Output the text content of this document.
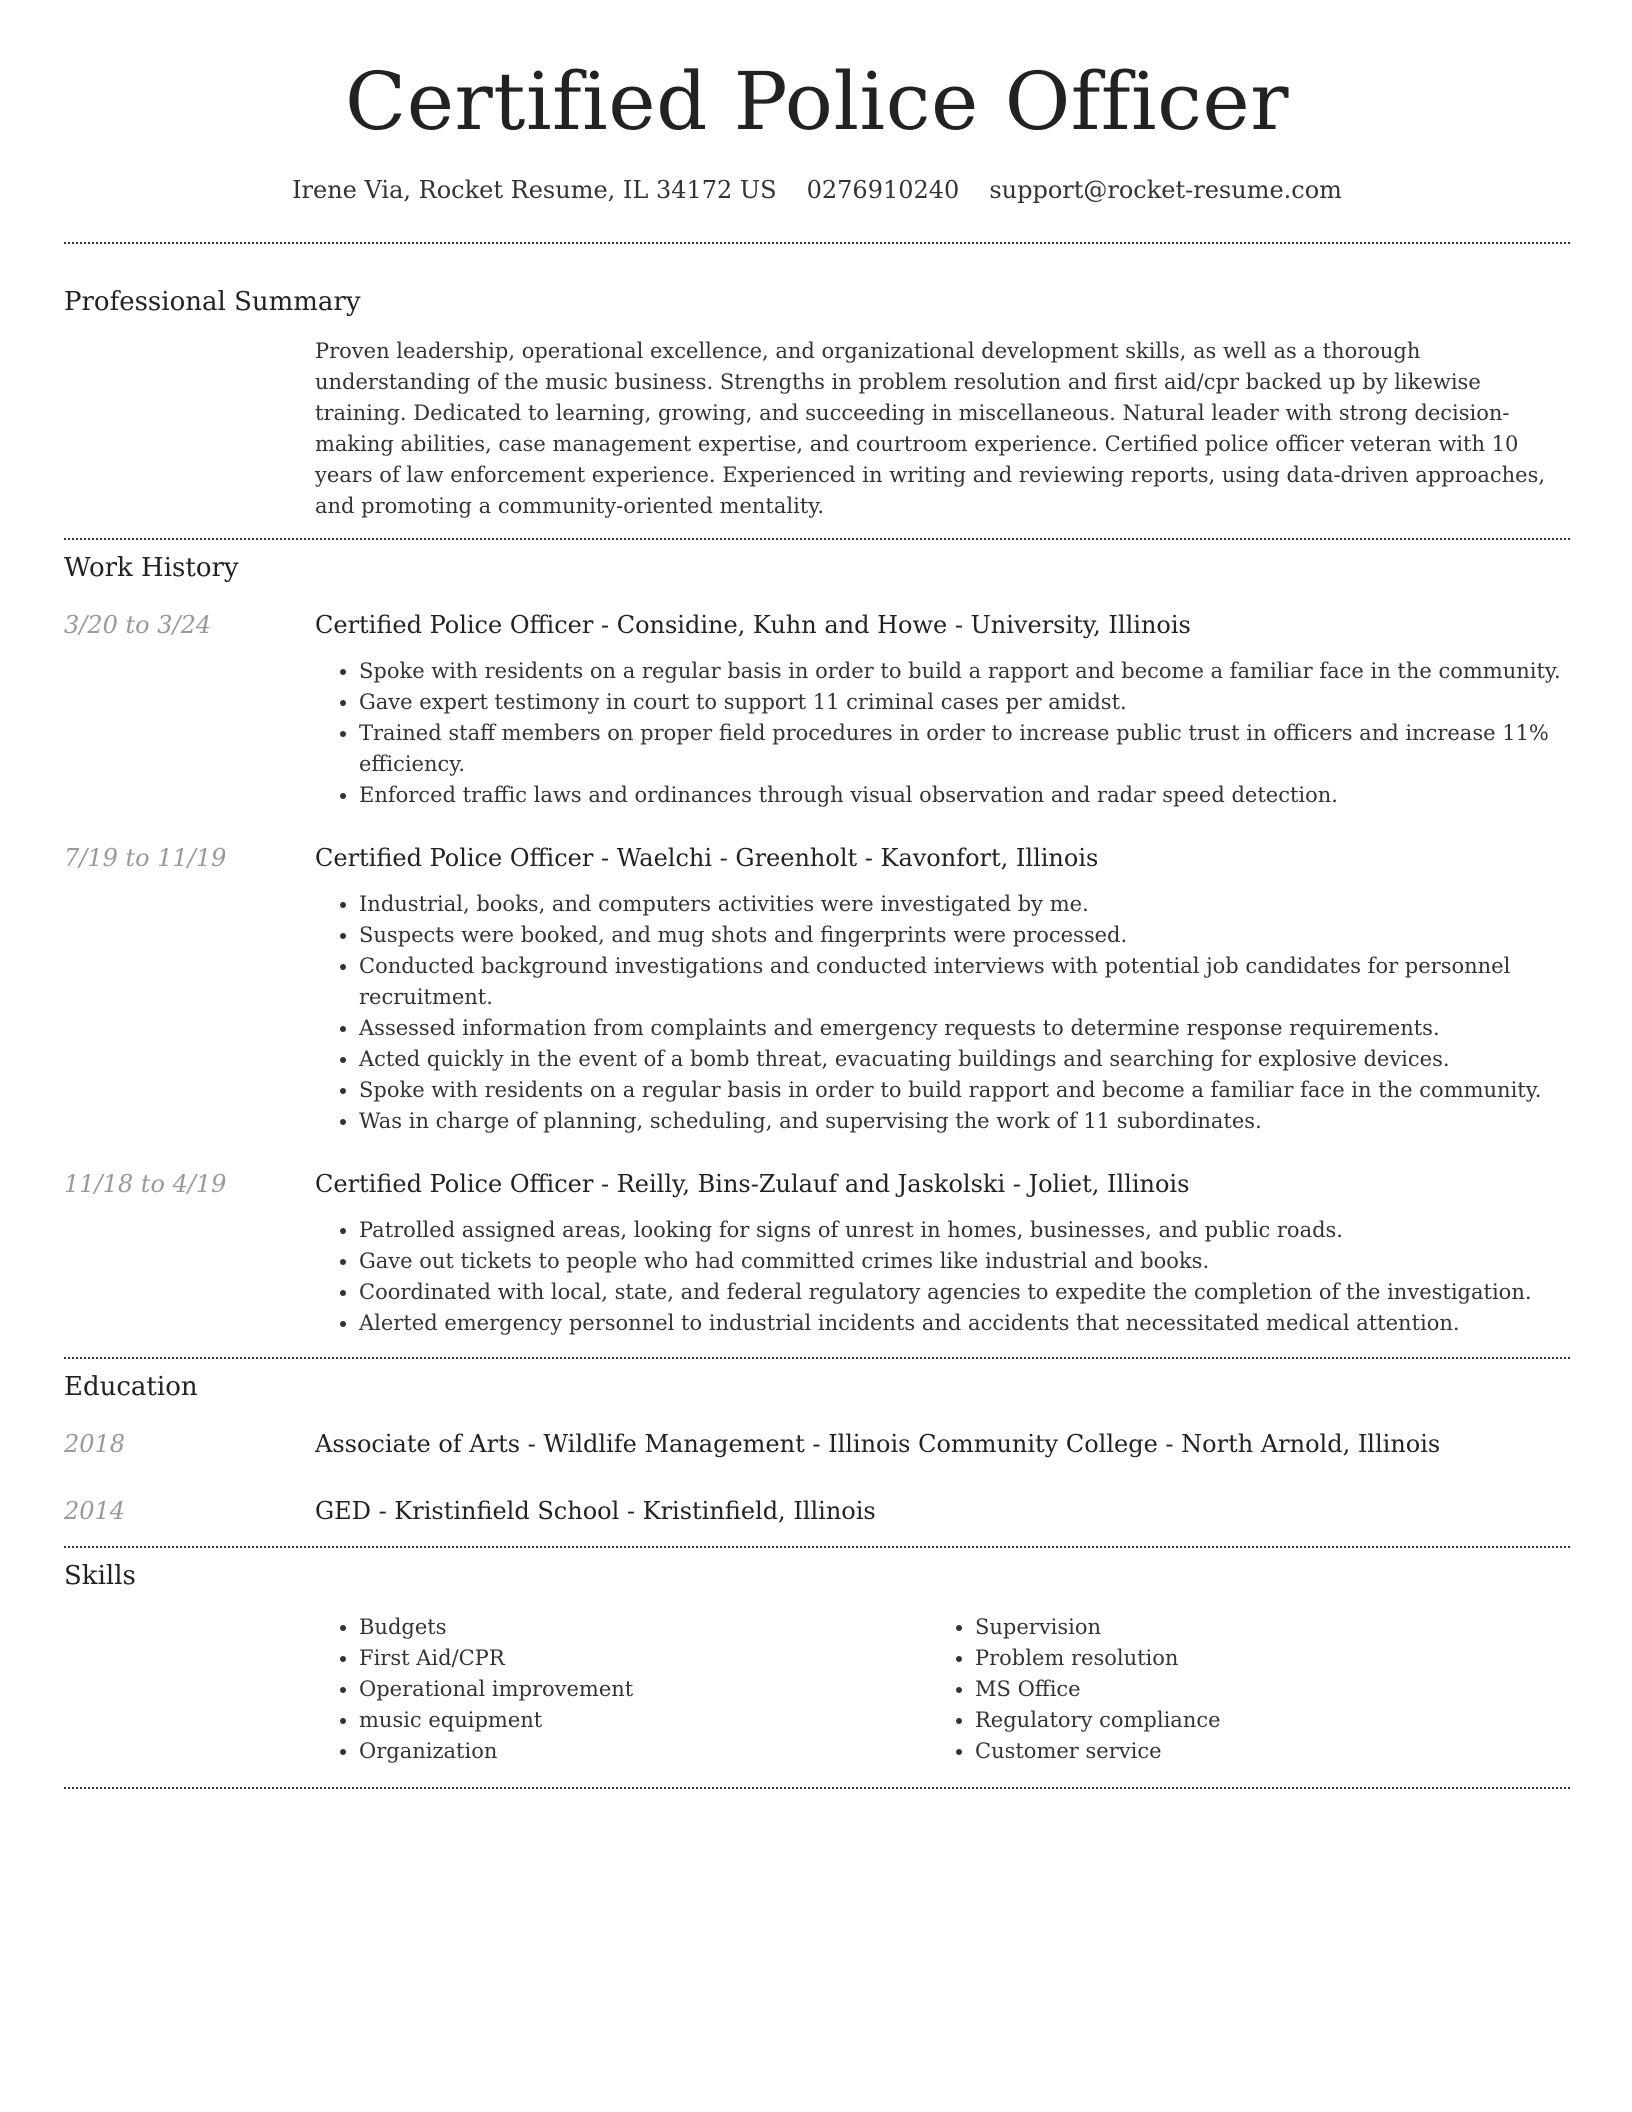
Certified Police Officer
Irene Via, Rocket Resume, IL 34172 US 0276910240 support@rocket-resume.com
Professional Summary
Proven leadership, operational excellence, and organizational development skills, as well as a thorough understanding of the music business. Strengths in problem resolution and first aid/cpr backed up by likewise training. Dedicated to learning, growing, and succeeding in miscellaneous. Natural leader with strong decision-making abilities, case management expertise, and courtroom experience. Certified police officer veteran with 10 years of law enforcement experience. Experienced in writing and reviewing reports, using data-driven approaches, and promoting a community-oriented mentality.
Work History
3/20 to 3/24	Certified Police Officer - Considine, Kuhn and Howe - University, Illinois
• Spoke with residents on a regular basis in order to build a rapport and become a familiar face in the community.
• Gave expert testimony in court to support 11 criminal cases per amidst.
• Trained staff members on proper field procedures in order to increase public trust in officers and increase 11% efficiency.
• Enforced traffic laws and ordinances through visual observation and radar speed detection.
7/19 to 11/19	Certified Police Officer - Waelchi - Greenholt - Kavonfort, Illinois
• Industrial, books, and computers activities were investigated by me.
• Suspects were booked, and mug shots and fingerprints were processed.
• Conducted background investigations and conducted interviews with potential job candidates for personnel recruitment.
• Assessed information from complaints and emergency requests to determine response requirements.
• Acted quickly in the event of a bomb threat, evacuating buildings and searching for explosive devices.
• Spoke with residents on a regular basis in order to build rapport and become a familiar face in the community.
• Was in charge of planning, scheduling, and supervising the work of 11 subordinates.
11/18 to 4/19	Certified Police Officer - Reilly, Bins-Zulauf and Jaskolski - Joliet, Illinois
• Patrolled assigned areas, looking for signs of unrest in homes, businesses, and public roads.
• Gave out tickets to people who had committed crimes like industrial and books.
• Coordinated with local, state, and federal regulatory agencies to expedite the completion of the investigation.
• Alerted emergency personnel to industrial incidents and accidents that necessitated medical attention.
Education
2018	Associate of Arts - Wildlife Management - Illinois Community College - North Arnold, Illinois
2014	GED - Kristinfield School - Kristinfield, Illinois
Skills
• Budgets
• First Aid/CPR
• Operational improvement
• music equipment
• Organization
• Supervision
• Problem resolution
• MS Office
• Regulatory compliance
• Customer service
